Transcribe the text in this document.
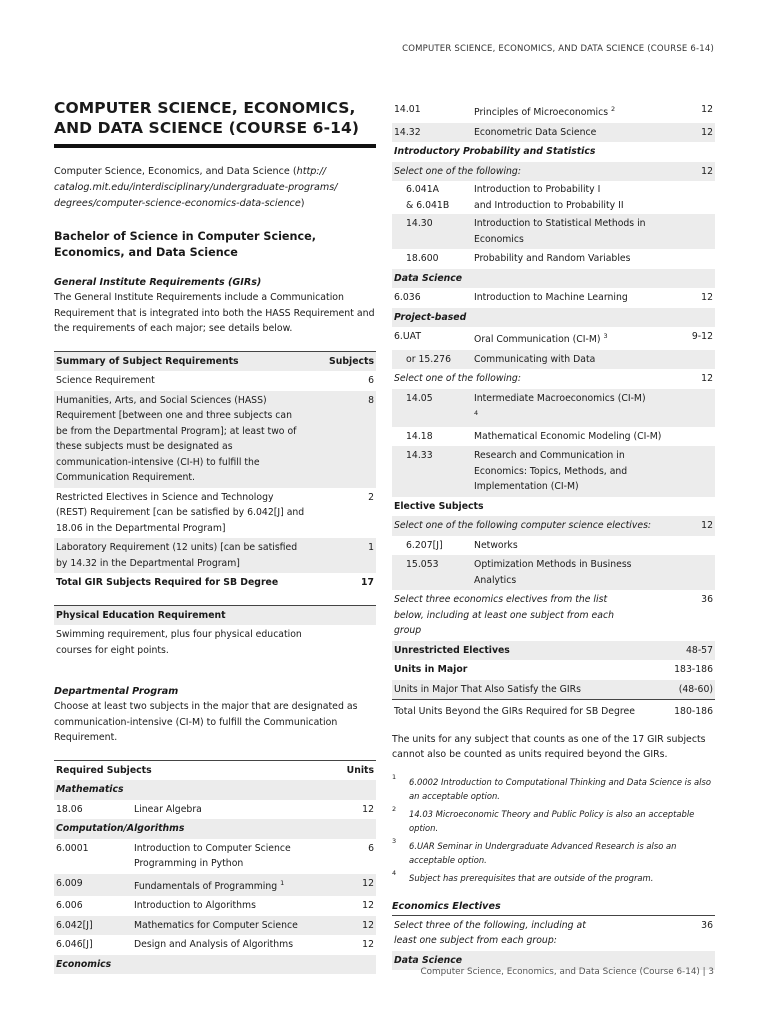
COMPUTER SCIENCE, ECONOMICS, AND DATA SCIENCE (COURSE 6-14)
COMPUTER SCIENCE, ECONOMICS, AND DATA SCIENCE (COURSE 6-14)

Computer Science, Economics, and Data Science (http:// catalog.mit.edu/interdisciplinary/undergraduate-programs/ degrees/computer-science-economics-data-science)

Bachelor of Science in Computer Science, Economics, and Data Science
General Institute Requirements (GIRs)

The General Institute Requirements include a Communication Requirement that is integrated into both the HASS Requirement and the requirements of each major; see details below.

Summary of Subject Requirements	Subjects
Science Requirement	6
Humanities, Arts, and Social Sciences (HASS) Requirement [between one and three subjects can be from the Departmental Program]; at least two of these subjects must be designated as communication-intensive (CI-H) to fulfill the Communication Requirement.	8
Restricted Electives in Science and Technology (REST) Requirement [can be satisfied by 6.042[J] and 18.06 in the Departmental Program]	2
Laboratory Requirement (12 units) [can be satisfied by 14.32 in the Departmental Program]	1
Total GIR Subjects Required for SB Degree	17
Physical Education Requirement
Swimming requirement, plus four physical education courses for eight points.
Departmental Program

Choose at least two subjects in the major that are designated as communication-intensive (CI-M) to fulfill the Communication Requirement.

Required Subjects		Units
Mathematics		
18.06	Linear Algebra	12
Computation/Algorithms		
6.0001	Introduction to Computer Science Programming in Python	6
6.009	Fundamentals of Programming $^1$	12
6.006	Introduction to Algorithms	12
6.042[J]	Mathematics for Computer Science	12
6.046[J]	Design and Analysis of Algorithms	12
Economics		
14.01	Principles of Microeconomics $^2$	12
14.32	Econometric Data Science	12
Introductory Probability and Statistics		
Select one of the following:		12
6.041A	Introduction to Probability I	
& 6.041B	and Introduction to Probability II	
14.30	Introduction to Statistical Methods in Economics	
18.600	Probability and Random Variables	
Data Science		
6.036	Introduction to Machine Learning	12
Project-based		
6.UAT	Oral Communication (CI-M) $^3$	9-12
or 15.276	Communicating with Data	
Select one of the following:		12
14.05	Intermediate Macroeconomics (CI-M)
$^4$	
14.18	Mathematical Economic Modeling (CI-M)	
14.33	Research and Communication in Economics: Topics, Methods, and Implementation (CI-M)	
Elective Subjects		
Select one of the following computer science electives:		12
6.207[J]	Networks	
15.053	Optimization Methods in Business Analytics	
Select three economics electives from the list below, including at least one subject from each group		36
Unrestricted Electives		48-57
Units in Major		183-186
Units in Major That Also Satisfy the GIRs		(48-60)
Total Units Beyond the GIRs Required for SB Degree		180-186

The units for any subject that counts as one of the 17 GIR subjects cannot also be counted as units required beyond the GIRs.

1 6.0002 Introduction to Computational Thinking and Data Science is also an acceptable option.
2 14.03 Microeconomic Theory and Public Policy is also an acceptable option.
3 6.UAR Seminar in Undergraduate Advanced Research is also an acceptable option.
4 Subject has prerequisites that are outside of the program.
Economics Electives
Select three of the following, including at least one subject from each group:	36
Data Science
Computer Science, Economics, and Data Science (Course 6-14) | 3
